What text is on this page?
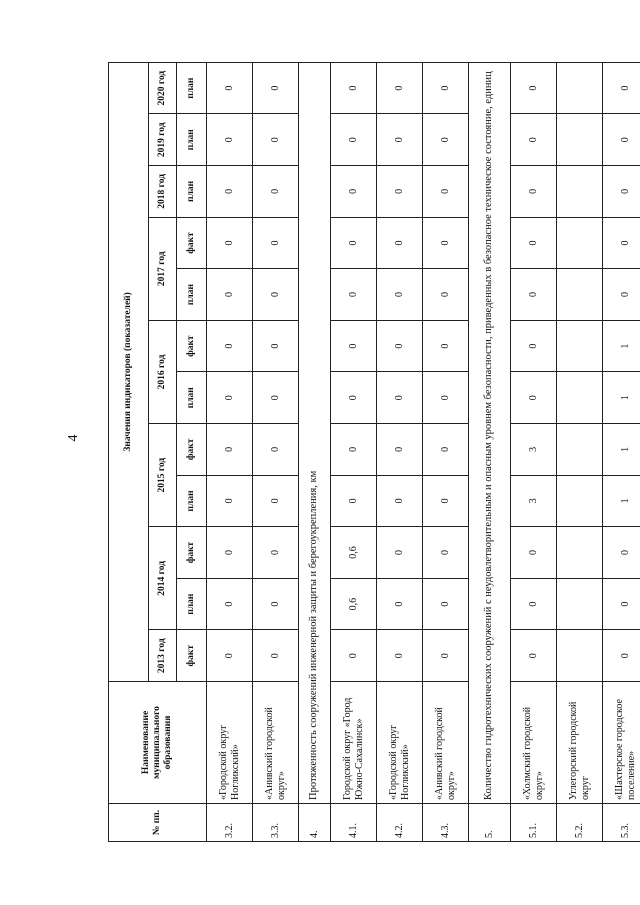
4
№ пп.	Наименование муниципального образования	Значения индикаторов (показателей)											
		2013 год	2014 год		2015 год		2016 год		2017 год		2018 год	2019 год	2020 год
		факт	план	факт	план	факт	план	факт	план	факт	план	план	план
3.2.	«Городской округ Ногликский»	0	0	0	0	0	0	0	0	0	0	0	0
3.3.	«Анивский городской округ»	0	0	0	0	0	0	0	0	0	0	0	0
4.	Протяженность сооружений инженерной защиты и берегоукрепления, км												
4.1.	Городской округ «Город Южно-Сахалинск»	0	0,6	0,6	0	0	0	0	0	0	0	0	0
4.2.	«Городской округ Ногликский»	0	0	0	0	0	0	0	0	0	0	0	0
4.3.	«Анивский городской округ»	0	0	0	0	0	0	0	0	0	0	0	0
5.	Количество гидротехнических сооружений с неудовлетворительным и опасным уровнем безопасности, приведенных в безопасное техническое состояние, единиц												
5.1.	«Холмский городской округ»	0	0	0	3	3	0	0	0	0	0	0	0
5.2.	Углегорский городской округ												
5.3.	«Шахтерское городское поселение»	0	0	0	1	1	1	1	0	0	0	0	0
